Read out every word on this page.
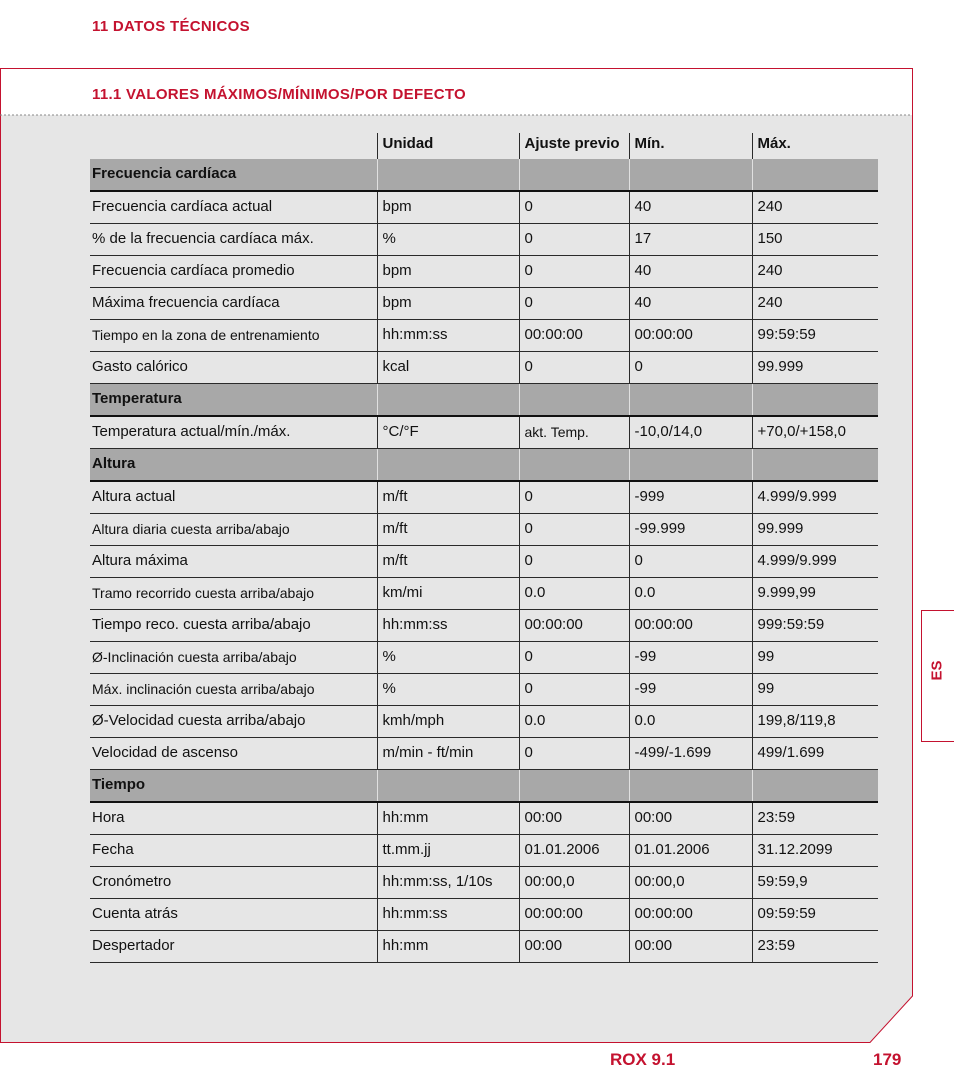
11 DATOS TÉCNICOS
11.1 VALORES MÁXIMOS/MÍNIMOS/POR DEFECTO
	Unidad	Ajuste previo	Mín.	Máx.
Frecuencia cardíaca				
Frecuencia cardíaca actual	bpm	0	40	240
% de la frecuencia cardíaca máx.	%	0	17	150
Frecuencia cardíaca promedio	bpm	0	40	240
Máxima frecuencia cardíaca	bpm	0	40	240
Tiempo en la zona de entrenamiento	hh:mm:ss	00:00:00	00:00:00	99:59:59
Gasto calórico	kcal	0	0	99.999
Temperatura				
Temperatura actual/mín./máx.	°C/°F	akt. Temp.	-10,0/14,0	+70,0/+158,0
Altura				
Altura actual	m/ft	0	-999	4.999/9.999
Altura diaria cuesta arriba/abajo	m/ft	0	-99.999	99.999
Altura máxima	m/ft	0	0	4.999/9.999
Tramo recorrido cuesta arriba/abajo	km/mi	0.0	0.0	9.999,99
Tiempo reco. cuesta arriba/abajo	hh:mm:ss	00:00:00	00:00:00	999:59:59
Ø-Inclinación cuesta arriba/abajo	%	0	-99	99
Máx. inclinación cuesta arriba/abajo	%	0	-99	99
Ø-Velocidad cuesta arriba/abajo	kmh/mph	0.0	0.0	199,8/119,8
Velocidad de ascenso	m/min - ft/min	0	-499/-1.699	499/1.699
Tiempo				
Hora	hh:mm	00:00	00:00	23:59
Fecha	tt.mm.jj	01.01.2006	01.01.2006	31.12.2099
Cronómetro	hh:mm:ss, 1/10s	00:00,0	00:00,0	59:59,9
Cuenta atrás	hh:mm:ss	00:00:00	00:00:00	09:59:59
Despertador	hh:mm	00:00	00:00	23:59
ES
ROX 9.1	179
